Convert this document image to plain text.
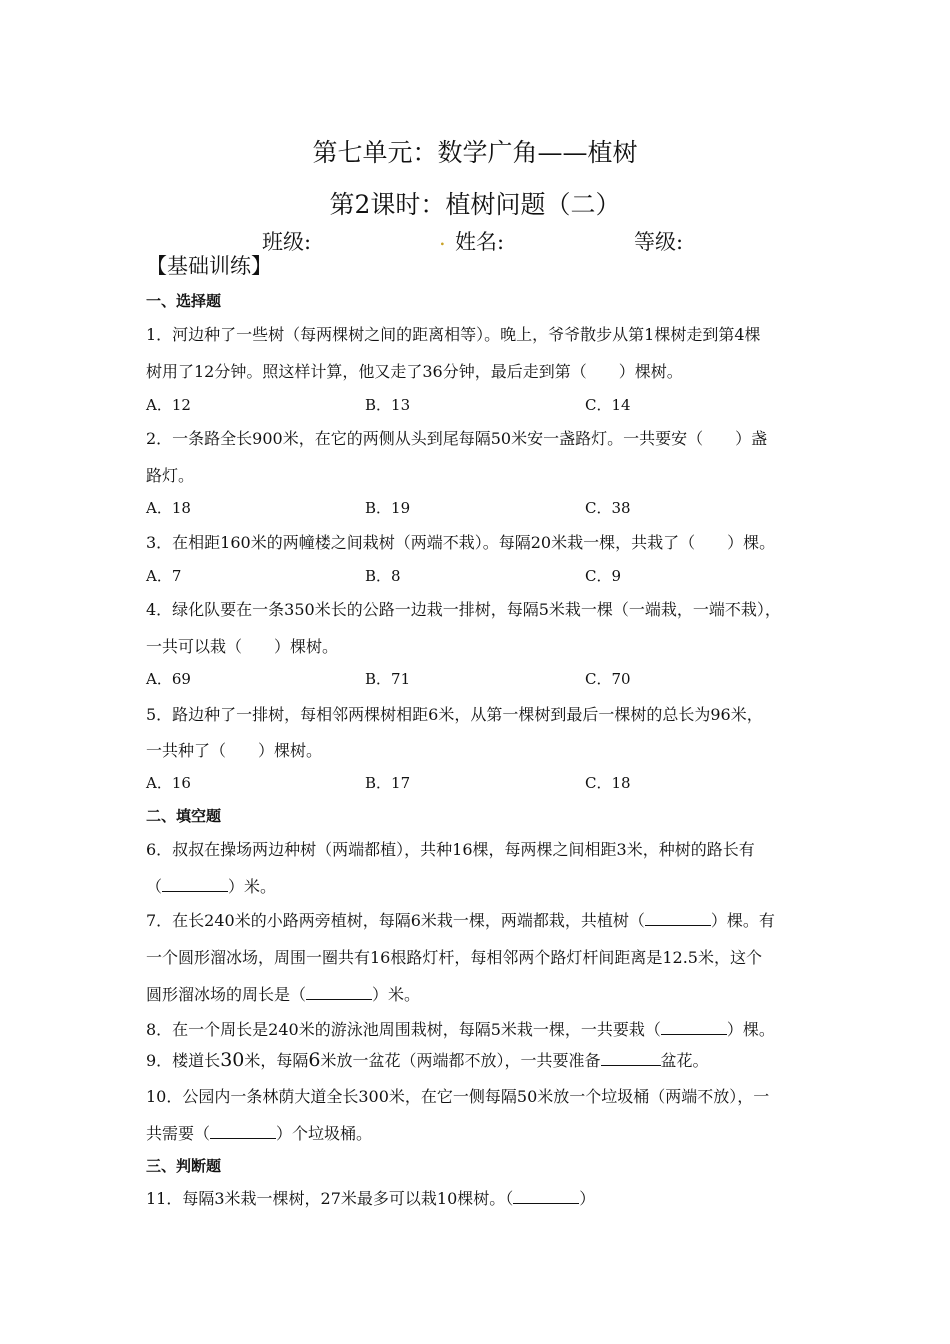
第七单元：数学广角——植树
第2课时：植树问题（二）
班级:	. 姓名:	等级:
【基础训练】
一、选择题
1．河边种了一些树（每两棵树之间的距离相等）。晚上，爷爷散步从第1棵树走到第4棵
树用了12分钟。照这样计算，他又走了36分钟，最后走到第（　　）棵树。
A．12	B．13	C．14
2．一条路全长900米，在它的两侧从头到尾每隔50米安一盏路灯。一共要安（　　）盏
路灯。
A．18	B．19	C．38
3．在相距160米的两幢楼之间栽树（两端不栽）。每隔20米栽一棵，共栽了（　　）棵。
A．7	B．8	C．9
4．绿化队要在一条350米长的公路一边栽一排树，每隔5米栽一棵（一端栽，一端不栽），
一共可以栽（　　）棵树。
A．69	B．71	C．70
5．路边种了一排树，每相邻两棵树相距6米，从第一棵树到最后一棵树的总长为96米，
一共种了（　　）棵树。
A．16	B．17	C．18
二、填空题
6．叔叔在操场两边种树（两端都植），共种16棵，每两棵之间相距3米，种树的路长有
（	）米。
7．在长240米的小路两旁植树，每隔6米栽一棵，两端都栽，共植树（	）棵。有
一个圆形溜冰场，周围一圈共有16根路灯杆，每相邻两个路灯杆间距离是12.5米，这个
圆形溜冰场的周长是（	）米。
8．在一个周长是240米的游泳池周围栽树，每隔5米栽一棵，一共要栽（	）棵。
9．楼道长30米，每隔6米放一盆花（两端都不放），一共要准备	盆花。
10．公园内一条林荫大道全长300米，在它一侧每隔50米放一个垃圾桶（两端不放），一
共需要（	）个垃圾桶。
三、判断题
11．每隔3米栽一棵树，27米最多可以栽10棵树。（	）
